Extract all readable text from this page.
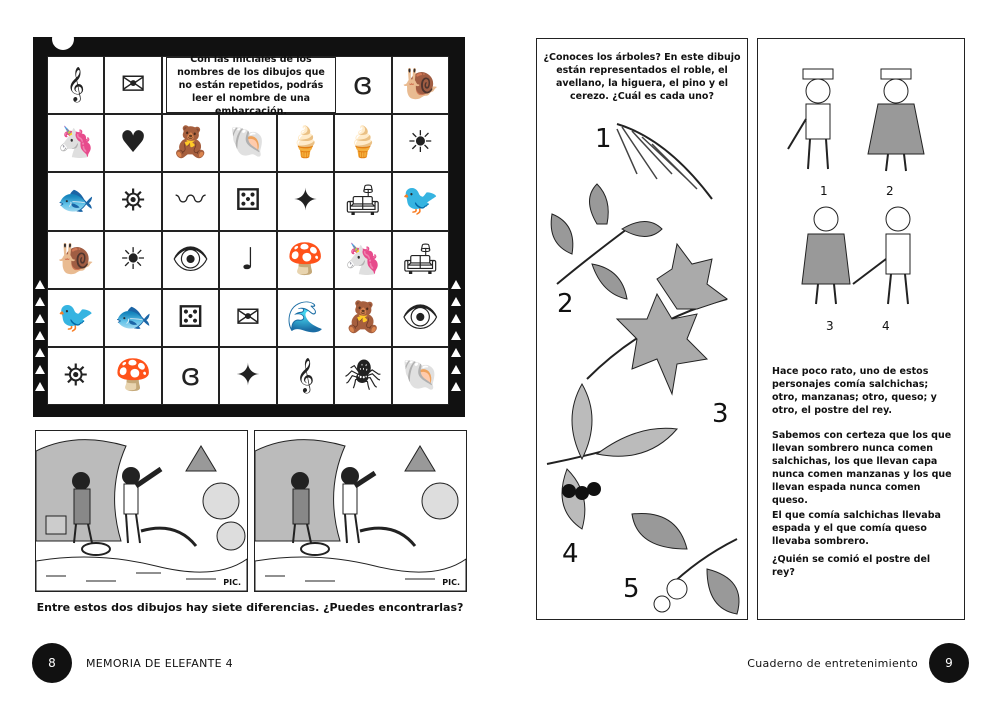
𝄞 ✉	ɞ 🐌
🦄 ♥ 🧸 🐚 🍦 🍦 ☀
🐟 ⛯ 〰 ⚄ ✦ 🛋 🐦
🐌 ☀ 👁 ♩ 🍄 🦄 🛋
🐦 🐟 ⚄ ✉ 🌊 🧸 👁
⛯ 🍄 ɞ ✦ 𝄞 🕷 🐚
Con las iniciales de los nombres de los dibujos que no están repetidos, podrás leer el nombre de una embarcación.
PIC.	PIC.
Entre estos dos dibujos hay siete diferencias. ¿Puedes encontrarlas?
8	MEMORIA DE ELEFANTE 4
¿Conoces los árboles? En este dibujo están representados el roble, el avellano, la higuera, el pino y el cerezo. ¿Cuál es cada uno?
1
2
3
4
5
1	2
3	4
Hace poco rato, uno de estos personajes comía salchichas; otro, manzanas; otro, queso; y otro, el postre del rey.
Sabemos con certeza que los que llevan sombrero nunca comen salchichas, los que llevan capa nunca comen manzanas y los que llevan espada nunca comen queso.
El que comía salchichas llevaba espada y el que comía queso llevaba sombrero.
¿Quién se comió el postre del rey?
Cuaderno de entretenimiento 9
